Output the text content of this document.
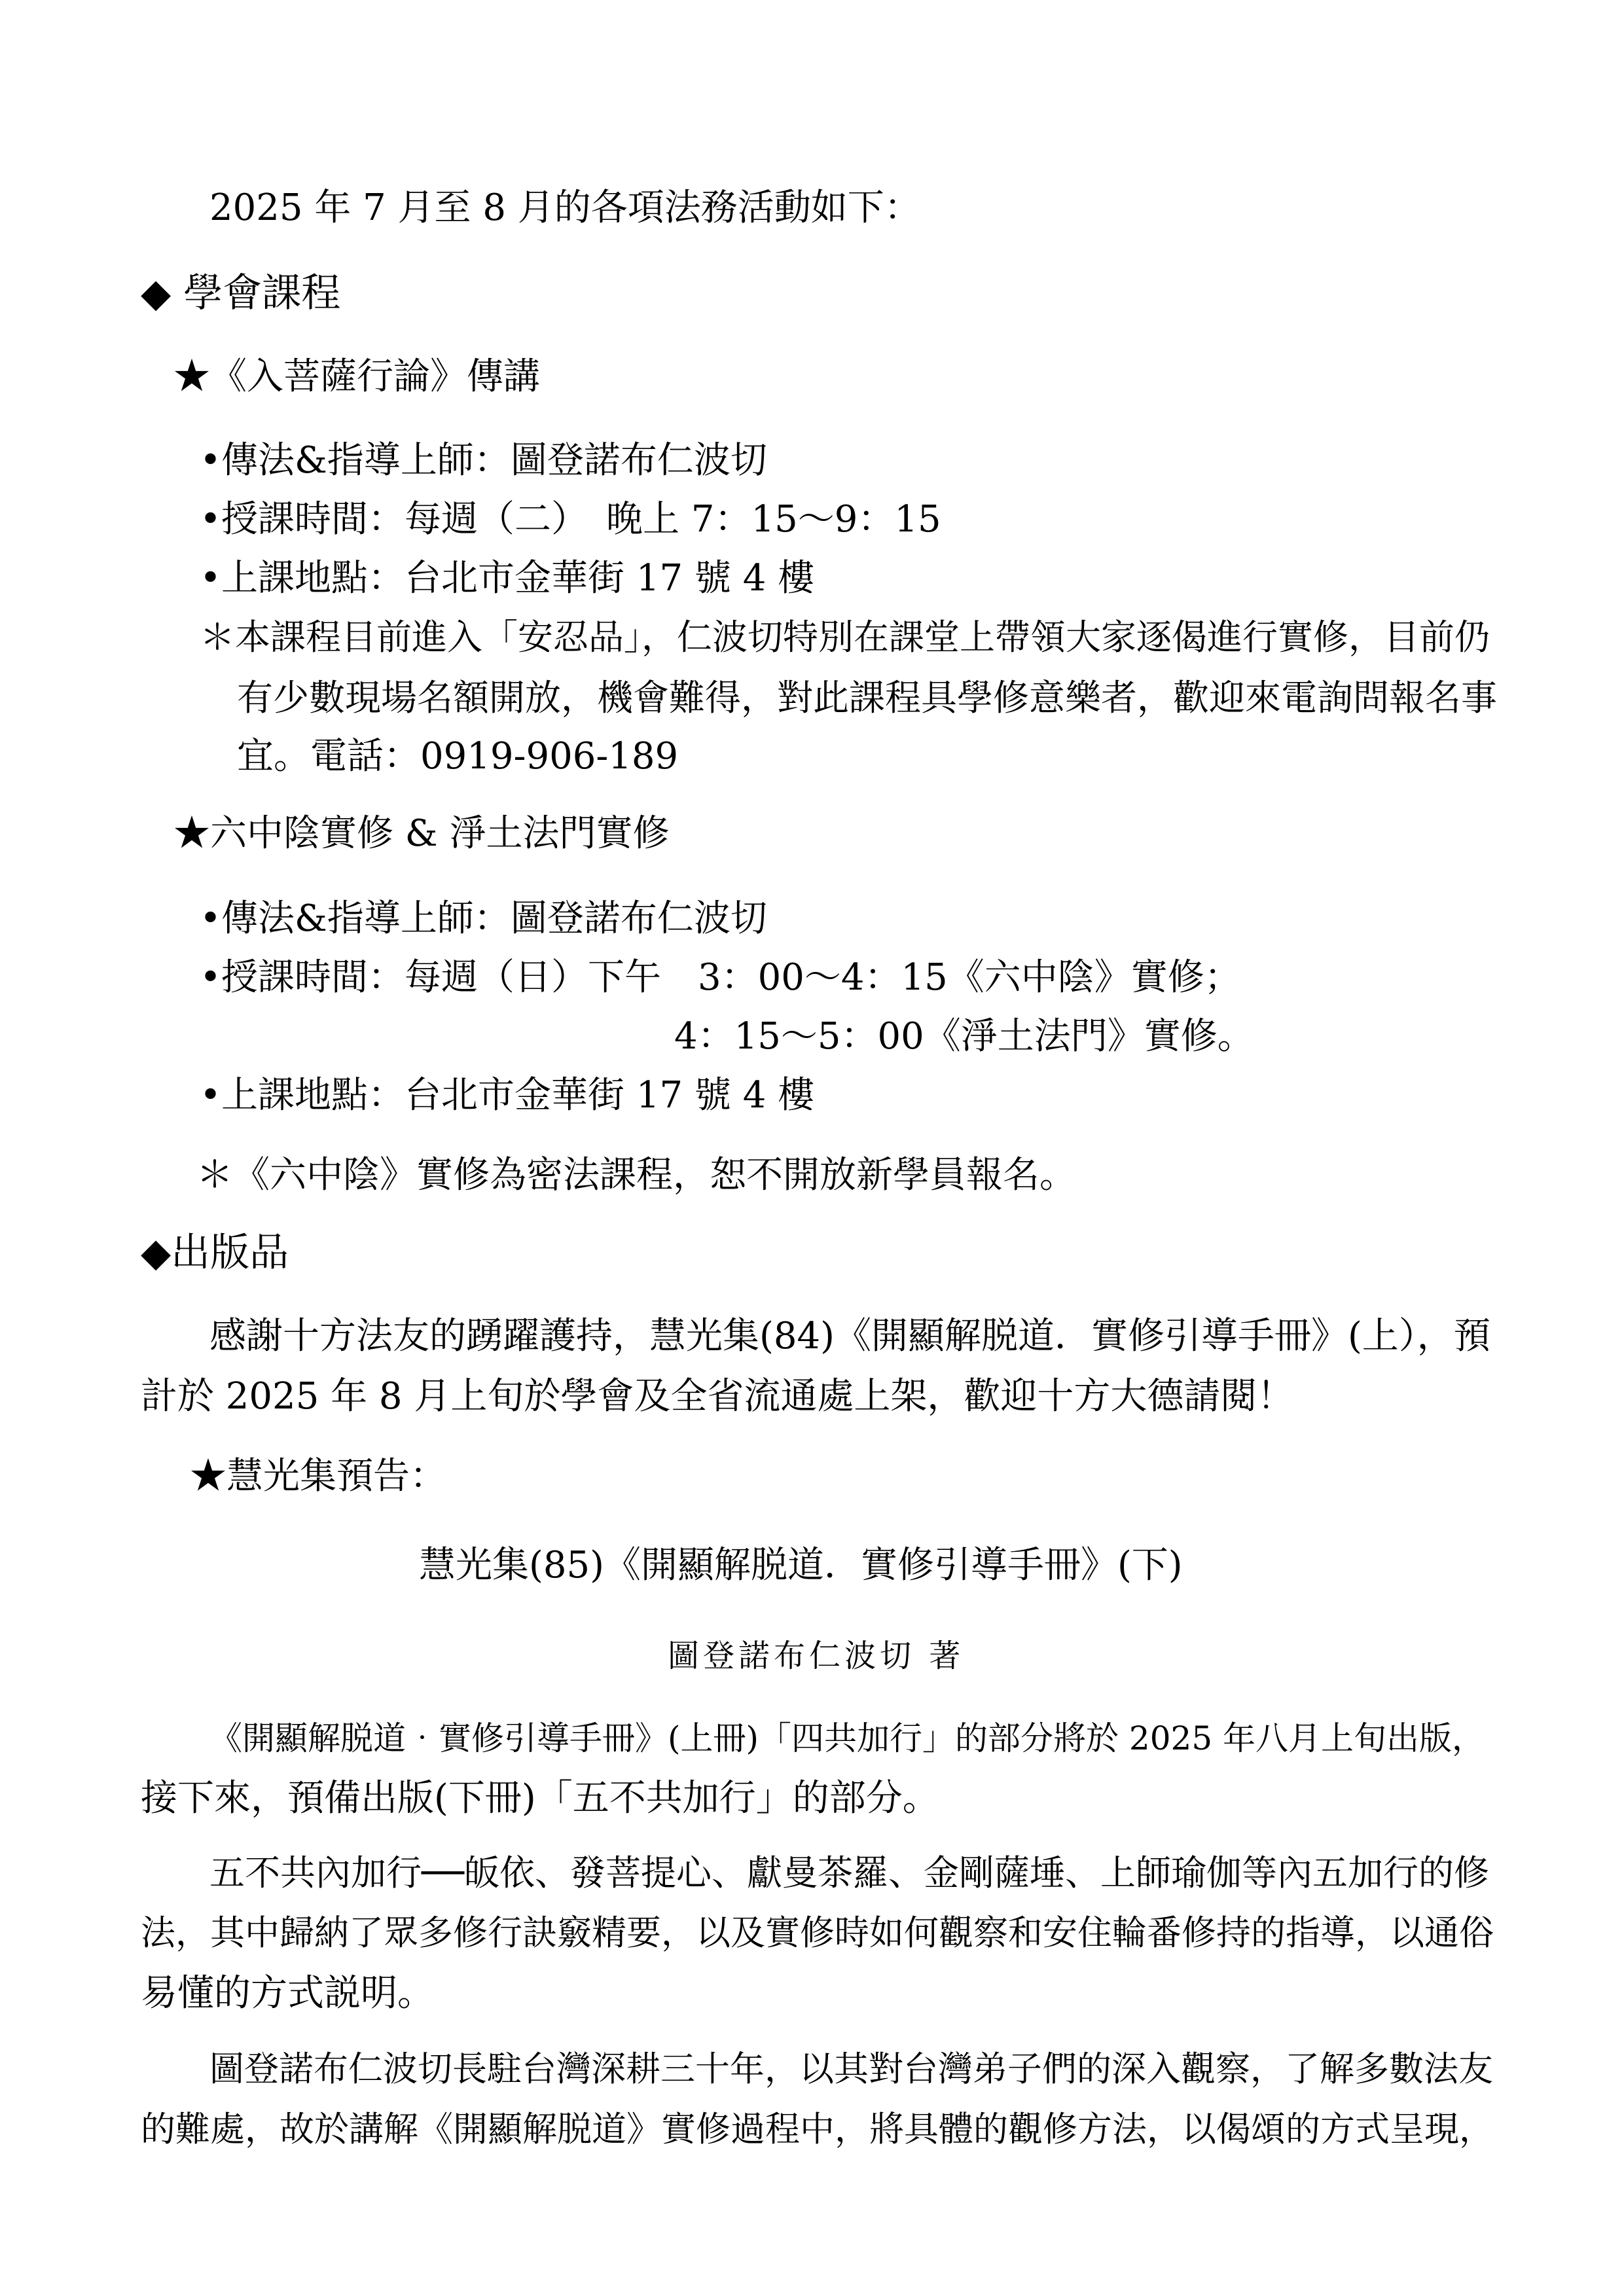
2025 年 7 月至 8 月的各項法務活動如下：
◆ 學會課程
★《入菩薩行論》傳講
•傳法&指導上師：圖登諾布仁波切
•授課時間：每週（二）　晚上 7：15～9：15
•上課地點：台北市金華街 17 號 4 樓
＊本課程目前進入「安忍品」，仁波切特別在課堂上帶領大家逐偈進行實修，目前仍
有少數現場名額開放，機會難得，對此課程具學修意樂者，歡迎來電詢問報名事
宜。電話：0919-906-189
★六中陰實修 & 淨土法門實修
•傳法&指導上師：圖登諾布仁波切
•授課時間：每週（日）下午　3：00～4：15《六中陰》實修；
4：15～5：00《淨土法門》實修。
•上課地點：台北市金華街 17 號 4 樓
＊《六中陰》實修為密法課程，恕不開放新學員報名。
◆出版品
感謝十方法友的踴躍護持，慧光集(84)《開顯解脱道．實修引導手冊》(上），預
計於 2025 年 8 月上旬於學會及全省流通處上架，歡迎十方大德請閱！
★慧光集預告：
慧光集(85)《開顯解脱道．實修引導手冊》(下)
圖登諾布仁波切 著
《開顯解脱道‧實修引導手冊》(上冊)「四共加行」的部分將於 2025 年八月上旬出版，
接下來，預備出版(下冊)「五不共加行」的部分。
五不共內加行──皈依、發菩提心、獻曼茶羅、金剛薩埵、上師瑜伽等內五加行的修
法，其中歸納了眾多修行訣竅精要，以及實修時如何觀察和安住輪番修持的指導，以通俗
易懂的方式説明。
圖登諾布仁波切長駐台灣深耕三十年，以其對台灣弟子們的深入觀察，了解多數法友
的難處，故於講解《開顯解脱道》實修過程中，將具體的觀修方法，以偈頌的方式呈現，
